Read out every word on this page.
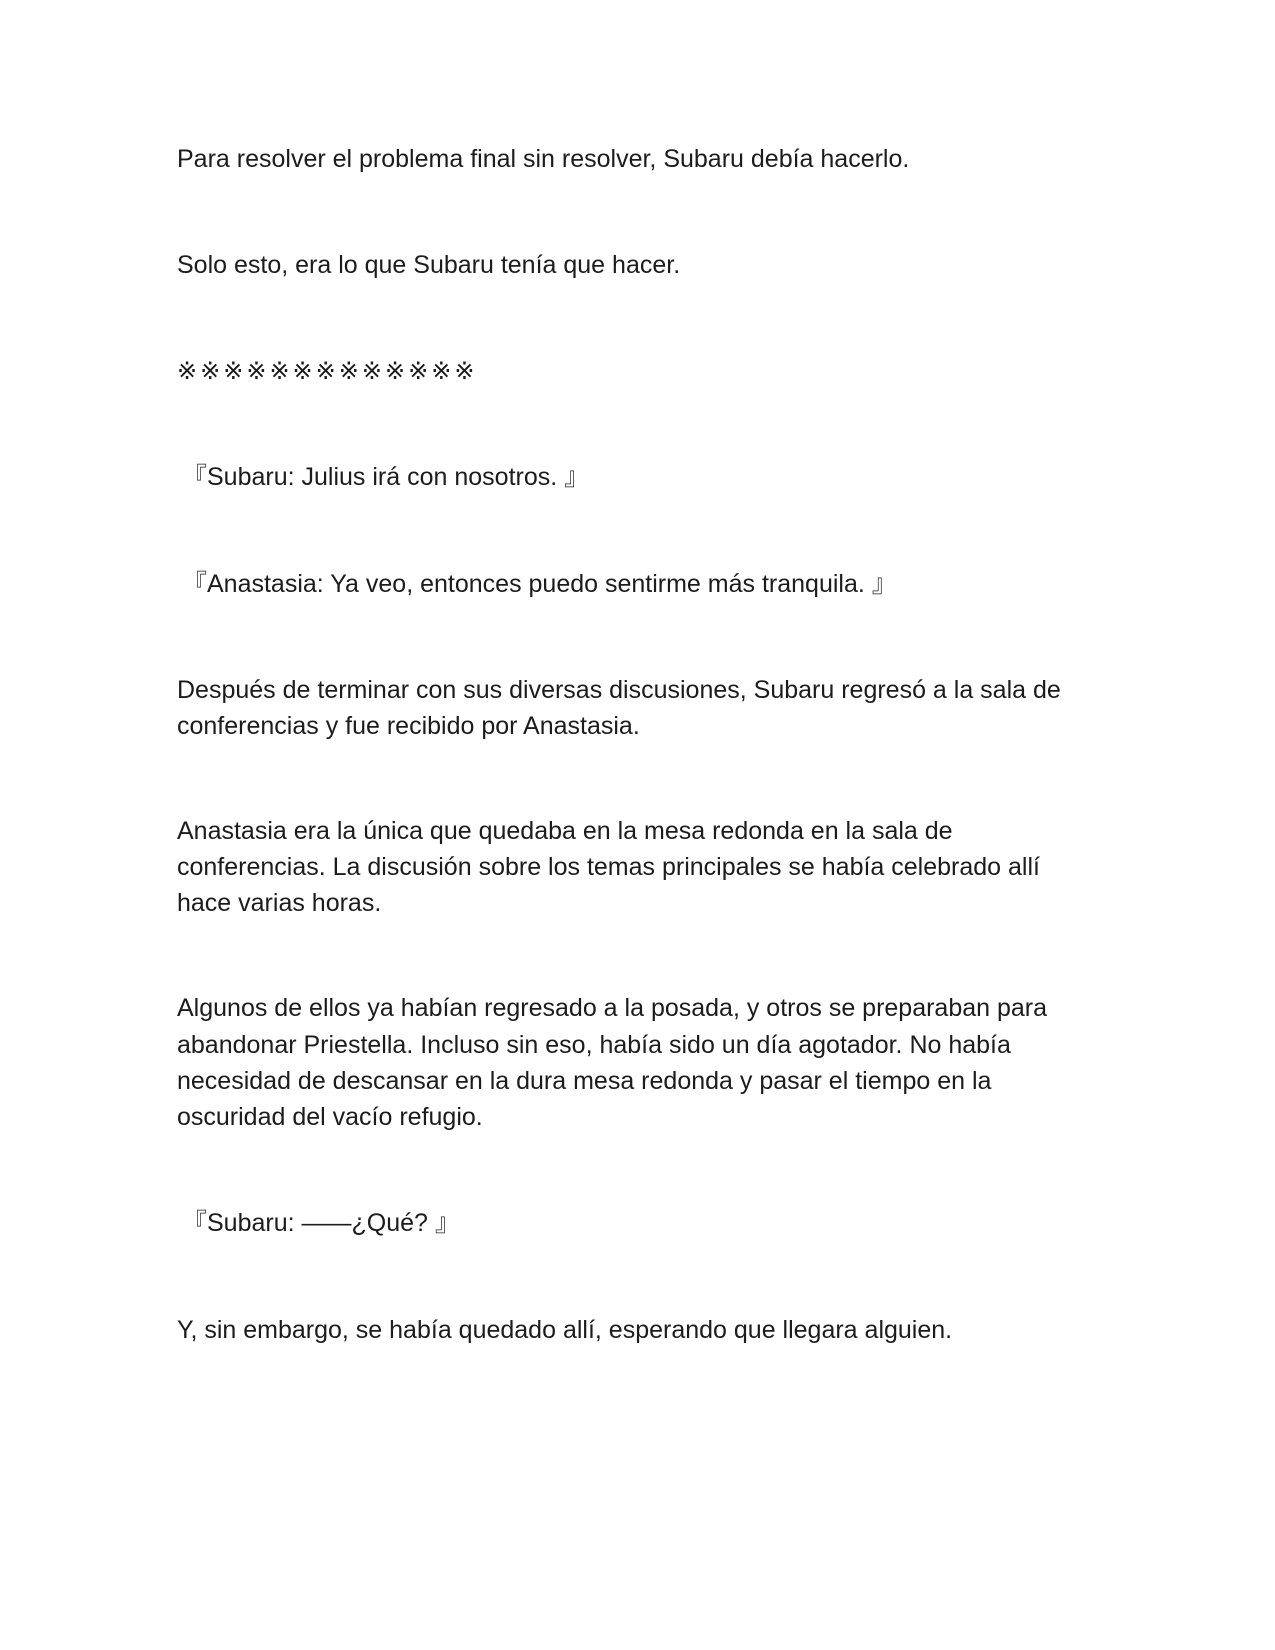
Para resolver el problema final sin resolver, Subaru debía hacerlo.

Solo esto, era lo que Subaru tenía que hacer.

※※※※※※※※※※※※※

『Subaru: Julius irá con nosotros. 』

『Anastasia: Ya veo, entonces puedo sentirme más tranquila. 』

Después de terminar con sus diversas discusiones, Subaru regresó a la sala de

conferencias y fue recibido por Anastasia.

Anastasia era la única que quedaba en la mesa redonda en la sala de

conferencias. La discusión sobre los temas principales se había celebrado allí

hace varias horas.

Algunos de ellos ya habían regresado a la posada, y otros se preparaban para

abandonar Priestella. Incluso sin eso, había sido un día agotador. No había

necesidad de descansar en la dura mesa redonda y pasar el tiempo en la

oscuridad del vacío refugio.

『Subaru: ――¿Qué? 』

Y, sin embargo, se había quedado allí, esperando que llegara alguien.
